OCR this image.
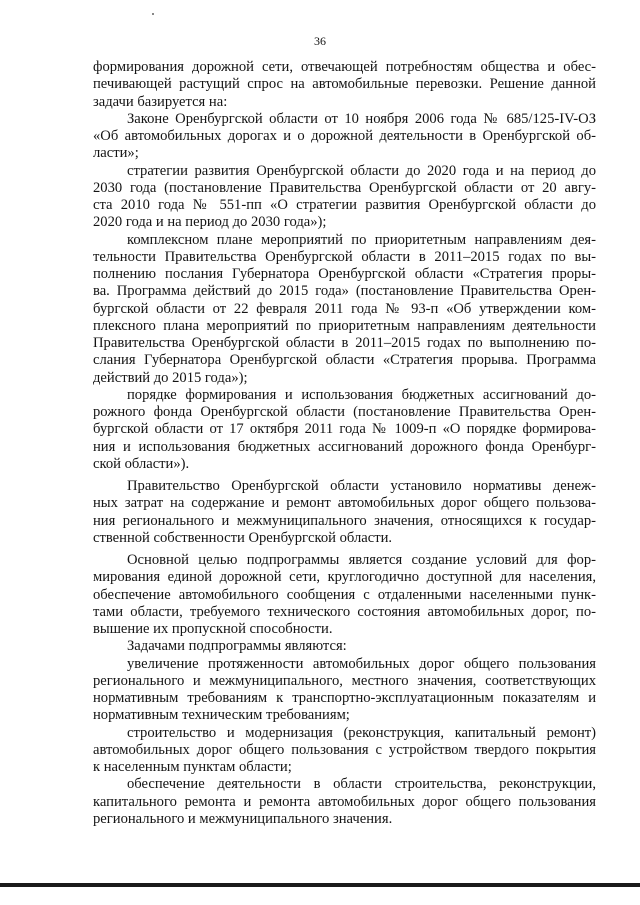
36
формирования дорожной сети, отвечающей потребностям общества и обес-
печивающей растущий спрос на автомобильные перевозки. Решение данной
задачи базируется на:
Законе Оренбургской области от 10 ноября 2006 года № 685/125-IV-ОЗ
«Об автомобильных дорогах и о дорожной деятельности в Оренбургской об-
ласти»;
стратегии развития Оренбургской области до 2020 года и на период до
2030 года (постановление Правительства Оренбургской области от 20 авгу-
ста 2010 года № 551-пп «О стратегии развития Оренбургской области до
2020 года и на период до 2030 года»);
комплексном плане мероприятий по приоритетным направлениям дея-
тельности Правительства Оренбургской области в 2011–2015 годах по вы-
полнению послания Губернатора Оренбургской области «Стратегия проры-
ва. Программа действий до 2015 года» (постановление Правительства Орен-
бургской области от 22 февраля 2011 года № 93-п «Об утверждении ком-
плексного плана мероприятий по приоритетным направлениям деятельности
Правительства Оренбургской области в 2011–2015 годах по выполнению по-
слания Губернатора Оренбургской области «Стратегия прорыва. Программа
действий до 2015 года»);
порядке формирования и использования бюджетных ассигнований до-
рожного фонда Оренбургской области (постановление Правительства Орен-
бургской области от 17 октября 2011 года № 1009-п «О порядке формирова-
ния и использования бюджетных ассигнований дорожного фонда Оренбург-
ской области»).
Правительство Оренбургской области установило нормативы денеж-
ных затрат на содержание и ремонт автомобильных дорог общего пользова-
ния регионального и межмуниципального значения, относящихся к государ-
ственной собственности Оренбургской области.
Основной целью подпрограммы является создание условий для фор-
мирования единой дорожной сети, круглогодично доступной для населения,
обеспечение автомобильного сообщения с отдаленными населенными пунк-
тами области, требуемого технического состояния автомобильных дорог, по-
вышение их пропускной способности.
Задачами подпрограммы являются:
увеличение протяженности автомобильных дорог общего пользования
регионального и межмуниципального, местного значения, соответствующих
нормативным требованиям к транспортно-эксплуатационным показателям и
нормативным техническим требованиям;
строительство и модернизация (реконструкция, капитальный ремонт)
автомобильных дорог общего пользования с устройством твердого покрытия
к населенным пунктам области;
обеспечение деятельности в области строительства, реконструкции,
капитального ремонта и ремонта автомобильных дорог общего пользования
регионального и межмуниципального значения.
